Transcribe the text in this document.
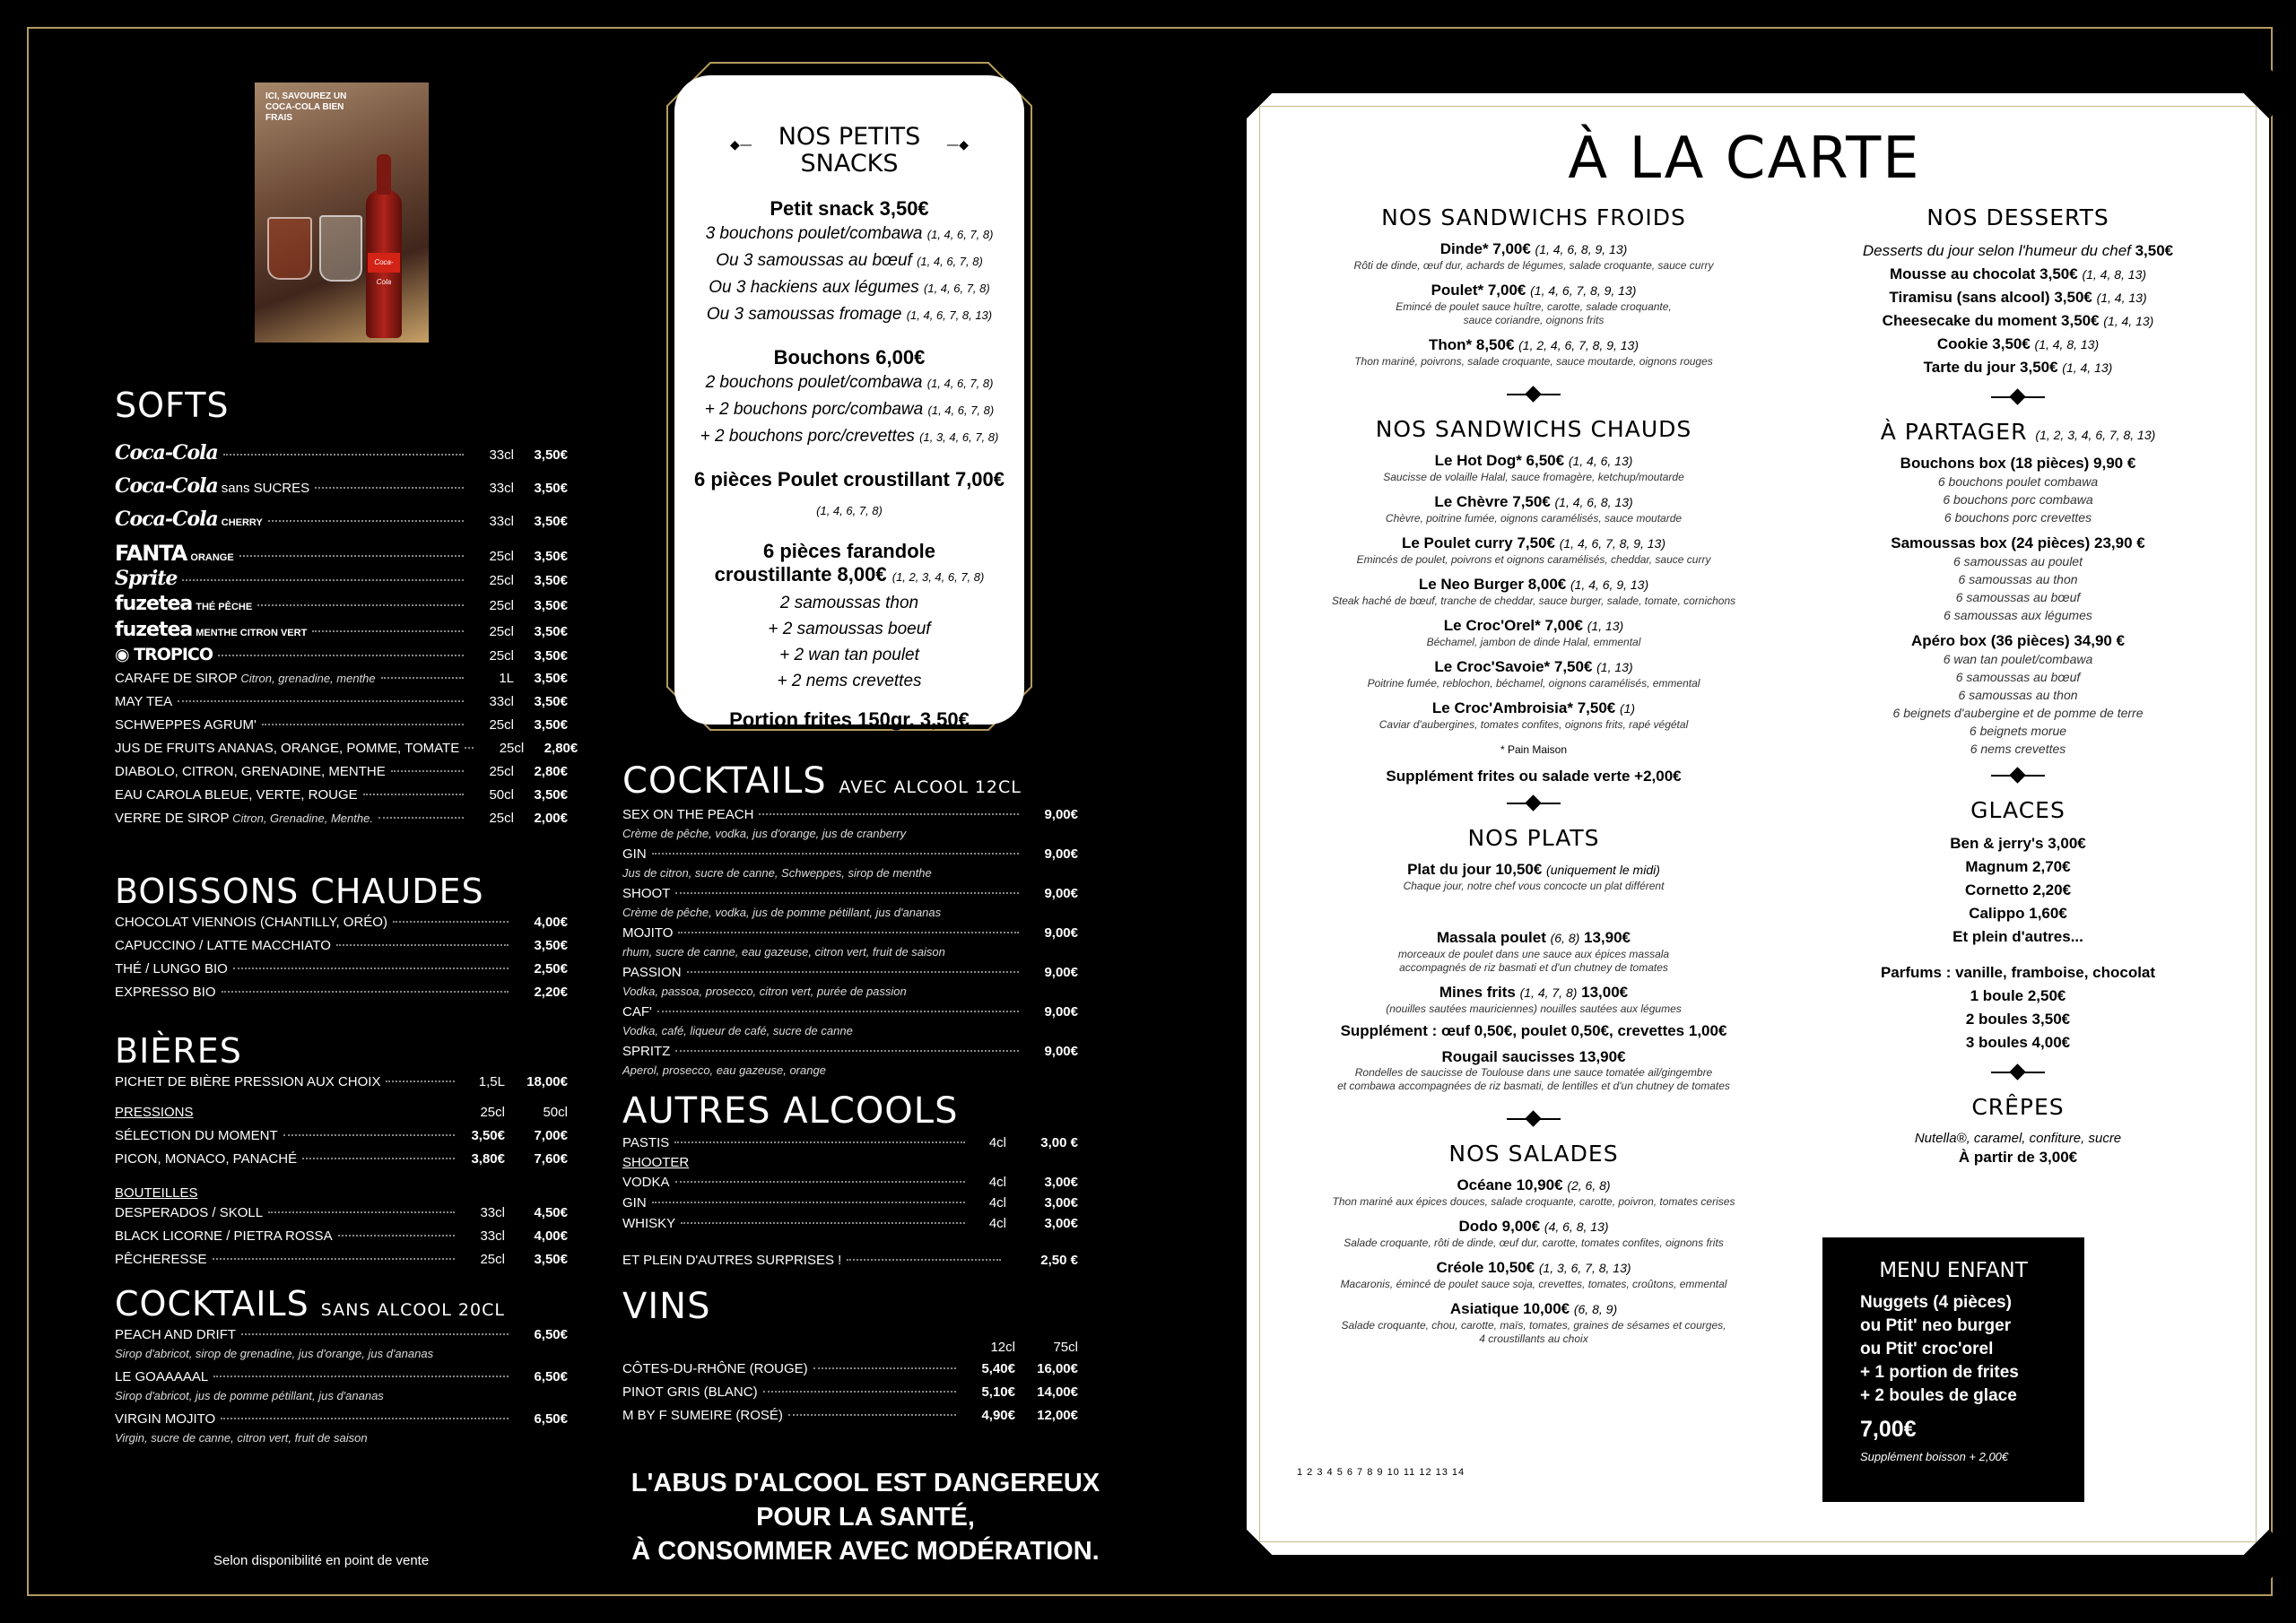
ICI, SAVOUREZ UN COCA-COLA BIEN FRAIS
Coca-Cola
SOFTS
Coca-Cola	33cl	3,50€
Coca-Cola sans SUCRES	33cl	3,50€
Coca-Cola CHERRY	33cl	3,50€
FANTA ORANGE	25cl	3,50€
Sprite	25cl	3,50€
fuzetea THÉ PÊCHE	25cl	3,50€
fuzetea MENTHE CITRON VERT	25cl	3,50€
◉ TROPICO	25cl	3,50€
CARAFE DE SIROP Citron, grenadine, menthe	1L	3,50€
MAY TEA	33cl	3,50€
SCHWEPPES AGRUM'	25cl	3,50€
JUS DE FRUITS ANANAS, ORANGE, POMME, TOMATE	25cl	2,80€
DIABOLO, CITRON, GRENADINE, MENTHE	25cl	2,80€
EAU CAROLA BLEUE, VERTE, ROUGE	50cl	3,50€
VERRE DE SIROP Citron, Grenadine, Menthe.	25cl	2,00€
BOISSONS CHAUDES
CHOCOLAT VIENNOIS (CHANTILLY, ORÉO)	4,00€
CAPUCCINO / LATTE MACCHIATO	3,50€
THÉ / LUNGO BIO	2,50€
EXPRESSO BIO	2,20€
BIÈRES
PICHET DE BIÈRE PRESSION AUX CHOIX	1,5L	18,00€
PRESSIONS	25cl	50cl
SÉLECTION DU MOMENT	3,50€	7,00€
PICON, MONACO, PANACHÉ	3,80€	7,60€
BOUTEILLES
DESPERADOS / SKOLL	33cl	4,50€
BLACK LICORNE / PIETRA ROSSA	33cl	4,00€
PÊCHERESSE	25cl	3,50€
COCKTAILS SANS ALCOOL 20CL
PEACH AND DRIFT	6,50€
Sirop d'abricot, sirop de grenadine, jus d'orange, jus d'ananas
LE GOAAAAAL	6,50€
Sirop d'abricot, jus de pomme pétillant, jus d'ananas
VIRGIN MOJITO	6,50€
Virgin, sucre de canne, citron vert, fruit de saison
Selon disponibilité en point de vente
◆— NOS PETITS —◆

SNACKS
Petit snack 3,50€
3 bouchons poulet/combawa (1, 4, 6, 7, 8)
Ou 3 samoussas au bœuf (1, 4, 6, 7, 8)
Ou 3 hackiens aux légumes (1, 4, 6, 7, 8)
Ou 3 samoussas fromage (1, 4, 6, 7, 8, 13)
Bouchons 6,00€
2 bouchons poulet/combawa (1, 4, 6, 7, 8)
+ 2 bouchons porc/combawa (1, 4, 6, 7, 8)
+ 2 bouchons porc/crevettes (1, 3, 4, 6, 7, 8)
6 pièces Poulet croustillant 7,00€
(1, 4, 6, 7, 8)
6 pièces farandole
croustillante 8,00€ (1, 2, 3, 4, 6, 7, 8)
2 samoussas thon
+ 2 samoussas boeuf
+ 2 wan tan poulet
+ 2 nems crevettes
Portion frites 150gr. 3,50€
COCKTAILS AVEC ALCOOL 12CL
SEX ON THE PEACH	9,00€
Crème de pêche, vodka, jus d'orange, jus de cranberry
GIN	9,00€
Jus de citron, sucre de canne, Schweppes, sirop de menthe
SHOOT	9,00€
Crème de pêche, vodka, jus de pomme pétillant, jus d'ananas
MOJITO	9,00€
rhum, sucre de canne, eau gazeuse, citron vert, fruit de saison
PASSION	9,00€
Vodka, passoa, prosecco, citron vert, purée de passion
CAF'	9,00€
Vodka, café, liqueur de café, sucre de canne
SPRITZ	9,00€
Aperol, prosecco, eau gazeuse, orange
AUTRES ALCOOLS
PASTIS	4cl	3,00 €
SHOOTER
VODKA	4cl	3,00€
GIN	4cl	3,00€
WHISKY	4cl	3,00€
ET PLEIN D'AUTRES SURPRISES !	2,50 €
VINS
12cl	75cl
CÔTES-DU-RHÔNE (ROUGE)	5,40€	16,00€
PINOT GRIS (BLANC)	5,10€	14,00€
M BY F SUMEIRE (ROSÉ)	4,90€	12,00€
L'ABUS D'ALCOOL EST DANGEREUX
POUR LA SANTÉ,
À CONSOMMER AVEC MODÉRATION.
À LA CARTE
NOS SANDWICHS FROIDS
Dinde* 7,00€ (1, 4, 6, 8, 9, 13)
Rôti de dinde, œuf dur, achards de légumes, salade croquante, sauce curry
Poulet* 7,00€ (1, 4, 6, 7, 8, 9, 13)
Emincé de poulet sauce huître, carotte, salade croquante,
sauce coriandre, oignons frits
Thon* 8,50€ (1, 2, 4, 6, 7, 8, 9, 13)
Thon mariné, poivrons, salade croquante, sauce moutarde, oignons rouges
NOS SANDWICHS CHAUDS
Le Hot Dog* 6,50€ (1, 4, 6, 13)
Saucisse de volaille Halal, sauce fromagère, ketchup/moutarde
Le Chèvre 7,50€ (1, 4, 6, 8, 13)
Chèvre, poitrine fumée, oignons caramélisés, sauce moutarde
Le Poulet curry 7,50€ (1, 4, 6, 7, 8, 9, 13)
Emincés de poulet, poivrons et oignons caramélisés, cheddar, sauce curry
Le Neo Burger 8,00€ (1, 4, 6, 9, 13)
Steak haché de bœuf, tranche de cheddar, sauce burger, salade, tomate, cornichons
Le Croc'Orel* 7,00€ (1, 13)
Béchamel, jambon de dinde Halal, emmental
Le Croc'Savoie* 7,50€ (1, 13)
Poitrine fumée, reblochon, béchamel, oignons caramélisés, emmental
Le Croc'Ambroisia* 7,50€ (1)
Caviar d'aubergines, tomates confites, oignons frits, rapé végétal
* Pain Maison
Supplément frites ou salade verte +2,00€
NOS PLATS
Plat du jour 10,50€ (uniquement le midi)
Chaque jour, notre chef vous concocte un plat différent
Massala poulet (6, 8) 13,90€
morceaux de poulet dans une sauce aux épices massala
accompagnés de riz basmati et d'un chutney de tomates
Mines frits (1, 4, 7, 8) 13,00€
(nouilles sautées mauriciennes) nouilles sautées aux légumes
Supplément : œuf 0,50€, poulet 0,50€, crevettes 1,00€
Rougail saucisses 13,90€
Rondelles de saucisse de Toulouse dans une sauce tomatée ail/gingembre
et combawa accompagnées de riz basmati, de lentilles et d'un chutney de tomates
NOS SALADES
Océane 10,90€ (2, 6, 8)
Thon mariné aux épices douces, salade croquante, carotte, poivron, tomates cerises
Dodo 9,00€ (4, 6, 8, 13)
Salade croquante, rôti de dinde, œuf dur, carotte, tomates confites, oignons frits
Créole 10,50€ (1, 3, 6, 7, 8, 13)
Macaronis, émincé de poulet sauce soja, crevettes, tomates, croûtons, emmental
Asiatique 10,00€ (6, 8, 9)
Salade croquante, chou, carotte, maïs, tomates, graines de sésames et courges,
4 croustillants au choix
NOS DESSERTS
Desserts du jour selon l'humeur du chef 3,50€
Mousse au chocolat 3,50€ (1, 4, 8, 13)
Tiramisu (sans alcool) 3,50€ (1, 4, 13)
Cheesecake du moment 3,50€ (1, 4, 13)
Cookie 3,50€ (1, 4, 8, 13)
Tarte du jour 3,50€ (1, 4, 13)
À PARTAGER (1, 2, 3, 4, 6, 7, 8, 13)
Bouchons box (18 pièces) 9,90 €
6 bouchons poulet combawa
6 bouchons porc combawa
6 bouchons porc crevettes
Samoussas box (24 pièces) 23,90 €
6 samoussas au poulet
6 samoussas au thon
6 samoussas au bœuf
6 samoussas aux légumes
Apéro box (36 pièces) 34,90 €
6 wan tan poulet/combawa
6 samoussas au bœuf
6 samoussas au thon
6 beignets d'aubergine et de pomme de terre
6 beignets morue
6 nems crevettes
GLACES
Ben & jerry's 3,00€
Magnum 2,70€
Cornetto 2,20€
Calippo 1,60€
Et plein d'autres...
Parfums : vanille, framboise, chocolat
1 boule 2,50€
2 boules 3,50€
3 boules 4,00€
CRÊPES
Nutella®, caramel, confiture, sucre
À partir de 3,00€
MENU ENFANT
Nuggets (4 pièces)
ou Ptit' neo burger
ou Ptit' croc'orel
+ 1 portion de frites
+ 2 boules de glace
7,00€
Supplément boisson + 2,00€
1 2 3 4 5 6 7 8 9 10 11 12 13 14
